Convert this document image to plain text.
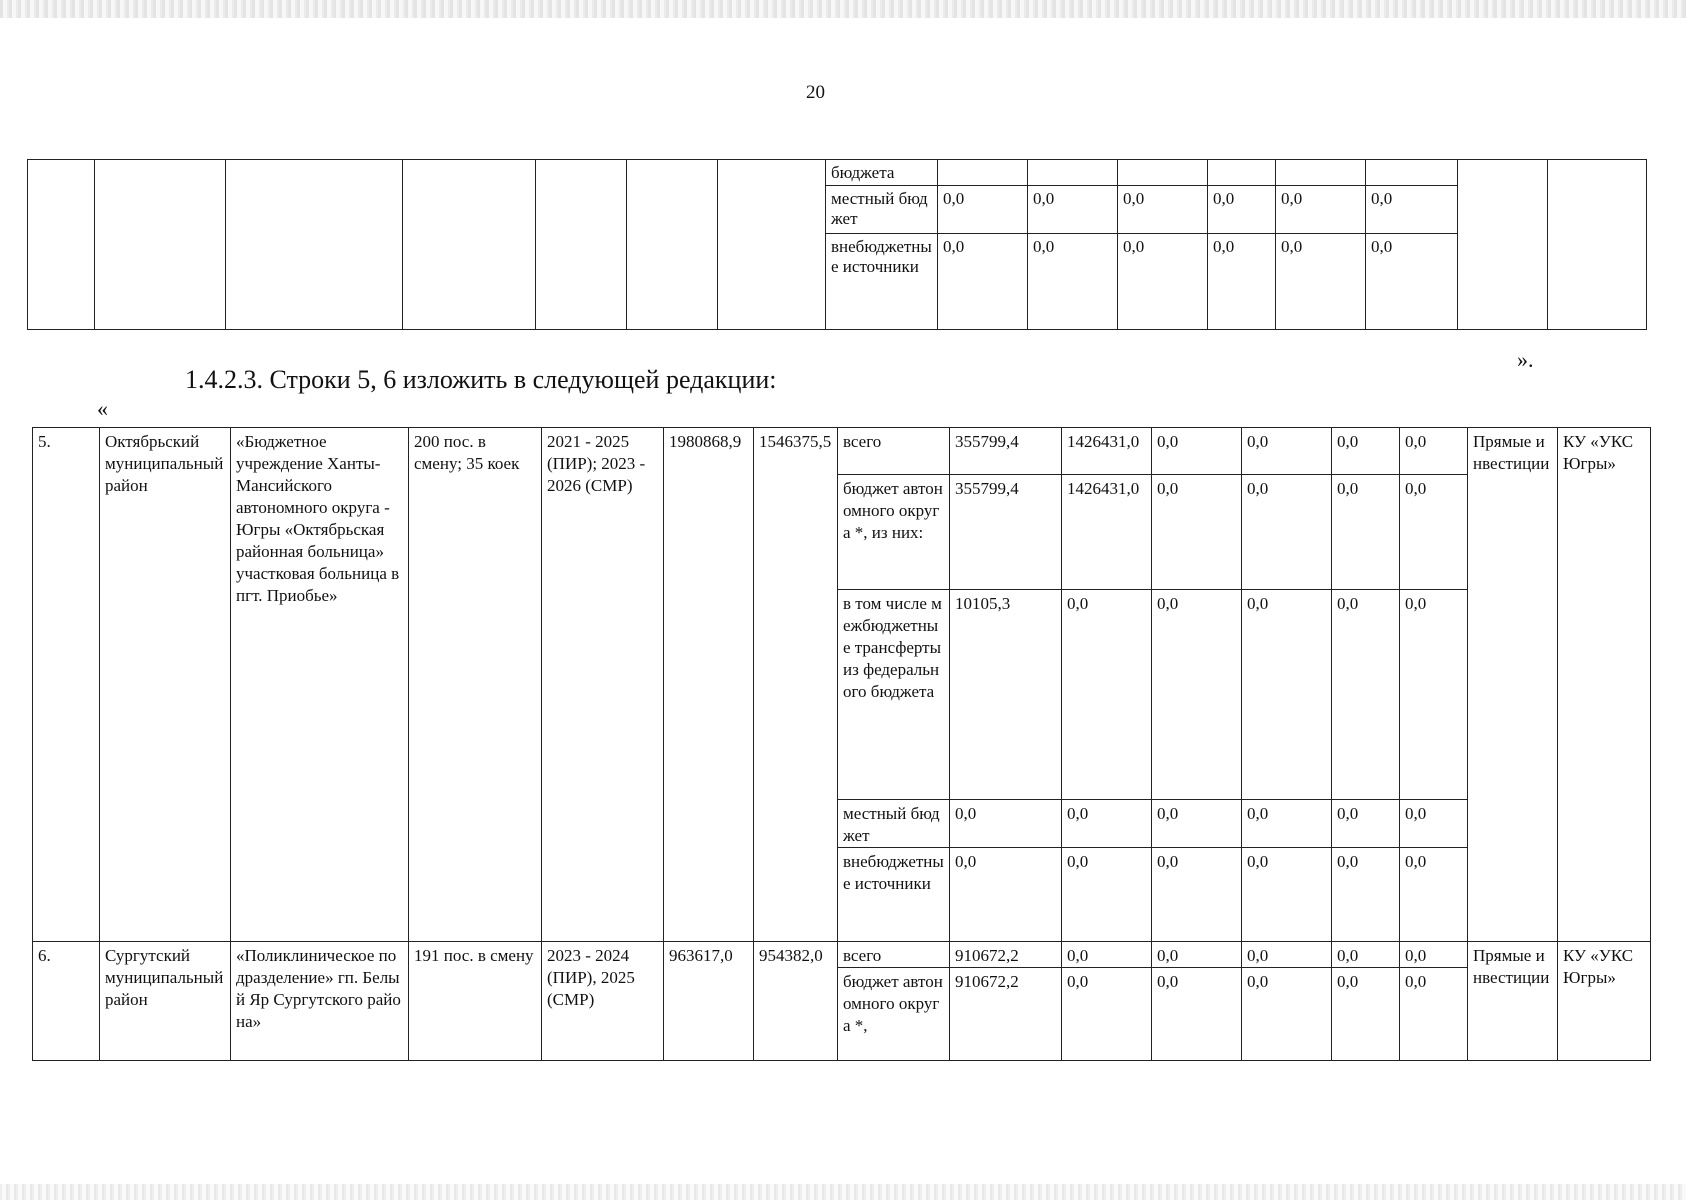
20
							бюджета								
							местный бюджет	0,0	0,0	0,0	0,0	0,0	0,0		
							внебюджетные источники	0,0	0,0	0,0	0,0	0,0	0,0		
».
1.4.2.3. Строки 5, 6 изложить в следующей редакции:
«
5.	Октябрьский муниципальный район	«Бюджетное учреждение Ханты-Мансийского автономного округа - Югры «Октябрьская районная больница» участковая больница в пгт. Приобье»	200 пос. в смену; 35 коек	2021 - 2025 (ПИР); 2023 - 2026 (СМР)	1980868,9	1546375,5	всего	355799,4	1426431,0	0,0	0,0	0,0	0,0	Прямые инвестиции	КУ «УКС Югры»
							бюджет автономного округа *, из них:	355799,4	1426431,0	0,0	0,0	0,0	0,0		
							в том числе межбюджетные трансферты из федерального бюджета	10105,3	0,0	0,0	0,0	0,0	0,0		
							местный бюджет	0,0	0,0	0,0	0,0	0,0	0,0		
							внебюджетные источники	0,0	0,0	0,0	0,0	0,0	0,0		
6.	Сургутский муниципальный район	«Поликлиническое подразделение» гп. Белый Яр Сургутского района»	191 пос. в смену	2023 - 2024 (ПИР), 2025 (СМР)	963617,0	954382,0	всего	910672,2	0,0	0,0	0,0	0,0	0,0	Прямые инвестиции	КУ «УКС Югры»
							бюджет автономного округа *,	910672,2	0,0	0,0	0,0	0,0	0,0		
